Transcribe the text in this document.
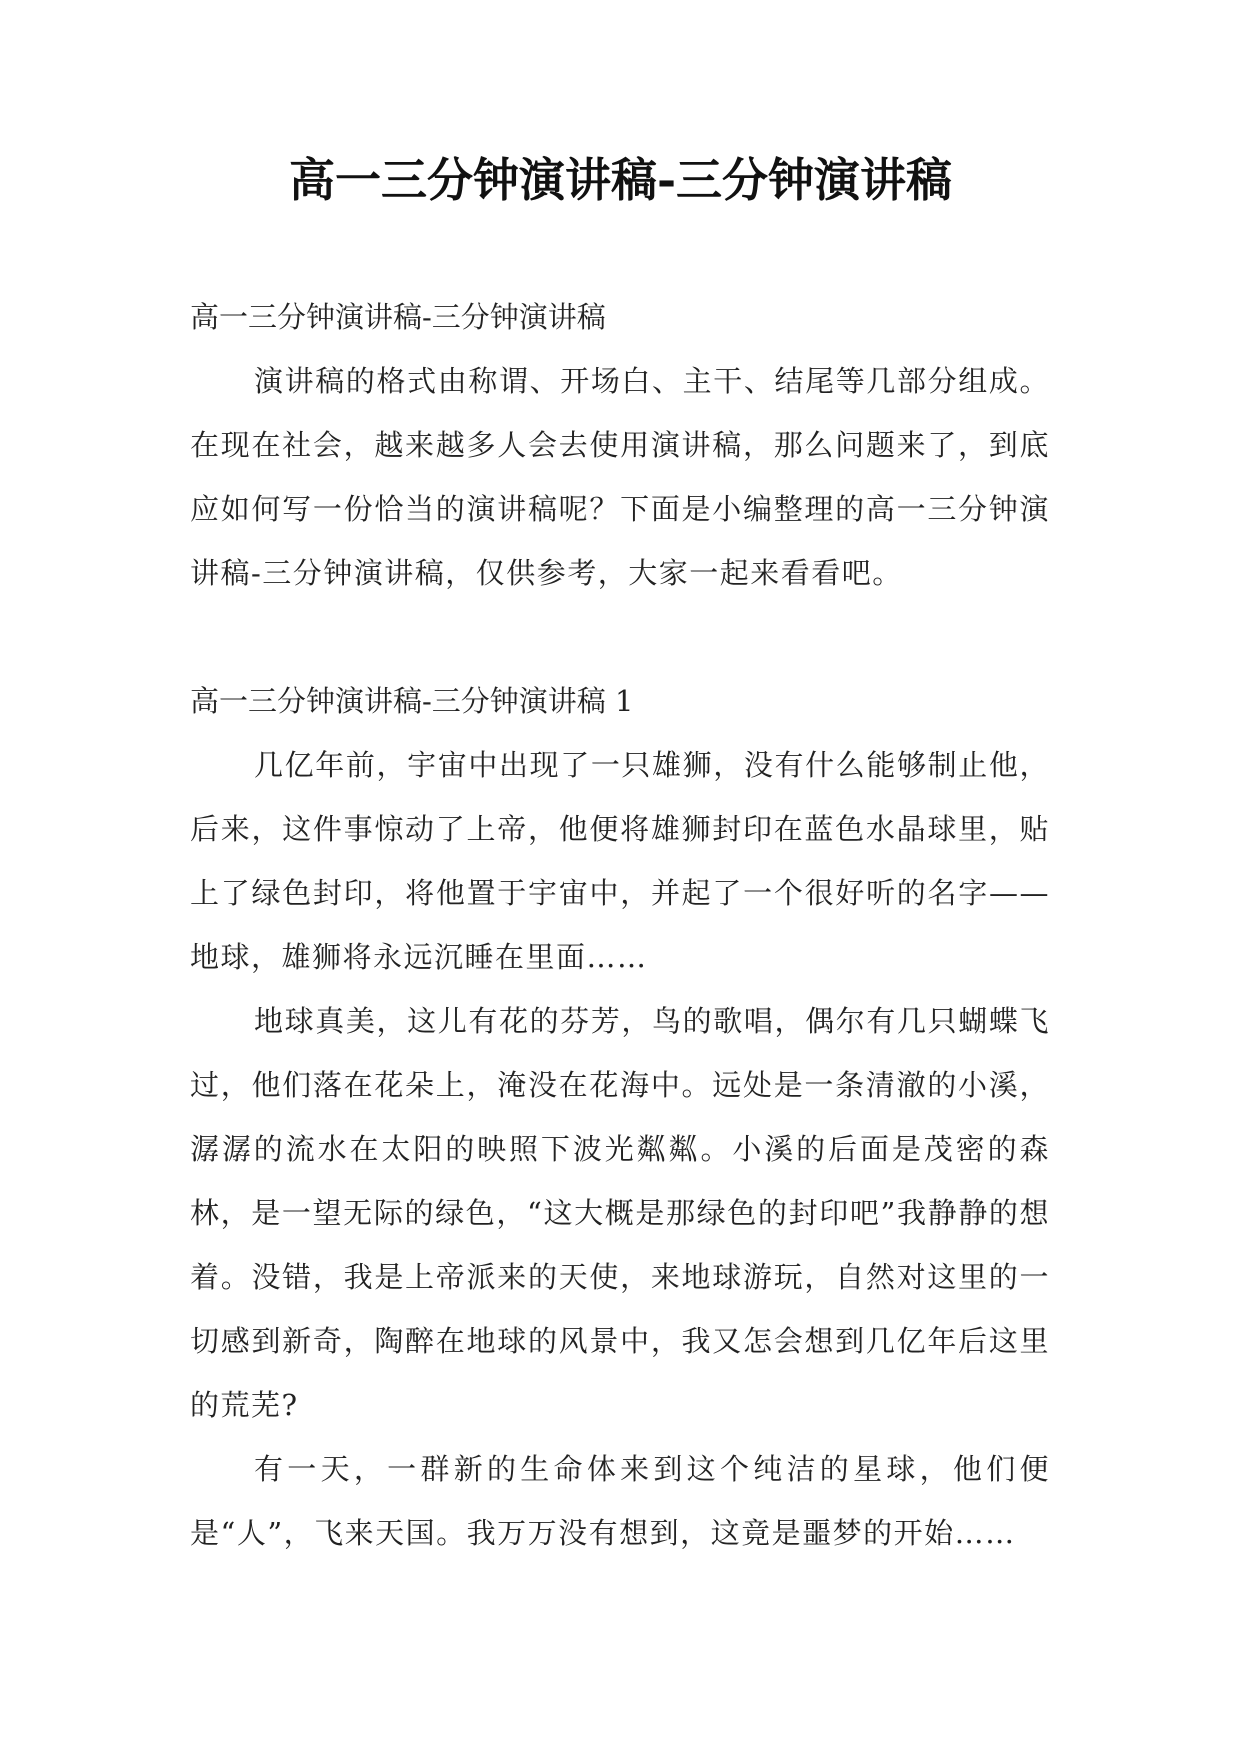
高一三分钟演讲稿-三分钟演讲稿

高一三分钟演讲稿-三分钟演讲稿

演讲稿的格式由称谓、开场白、主干、结尾等几部分组成。在现在社会，越来越多人会去使用演讲稿，那么问题来了，到底应如何写一份恰当的演讲稿呢？下面是小编整理的高一三分钟演讲稿-三分钟演讲稿，仅供参考，大家一起来看看吧。

高一三分钟演讲稿-三分钟演讲稿 1

几亿年前，宇宙中出现了一只雄狮，没有什么能够制止他，后来，这件事惊动了上帝，他便将雄狮封印在蓝色水晶球里，贴上了绿色封印，将他置于宇宙中，并起了一个很好听的名字——地球，雄狮将永远沉睡在里面……

地球真美，这儿有花的芬芳，鸟的歌唱，偶尔有几只蝴蝶飞过，他们落在花朵上，淹没在花海中。远处是一条清澈的小溪，潺潺的流水在太阳的映照下波光粼粼。小溪的后面是茂密的森林，是一望无际的绿色，“这大概是那绿色的封印吧”我静静的想着。没错，我是上帝派来的天使，来地球游玩，自然对这里的一切感到新奇，陶醉在地球的风景中，我又怎会想到几亿年后这里的荒芜?

有一天，一群新的生命体来到这个纯洁的星球，他们便是“人”，飞来天国。我万万没有想到，这竟是噩梦的开始……
